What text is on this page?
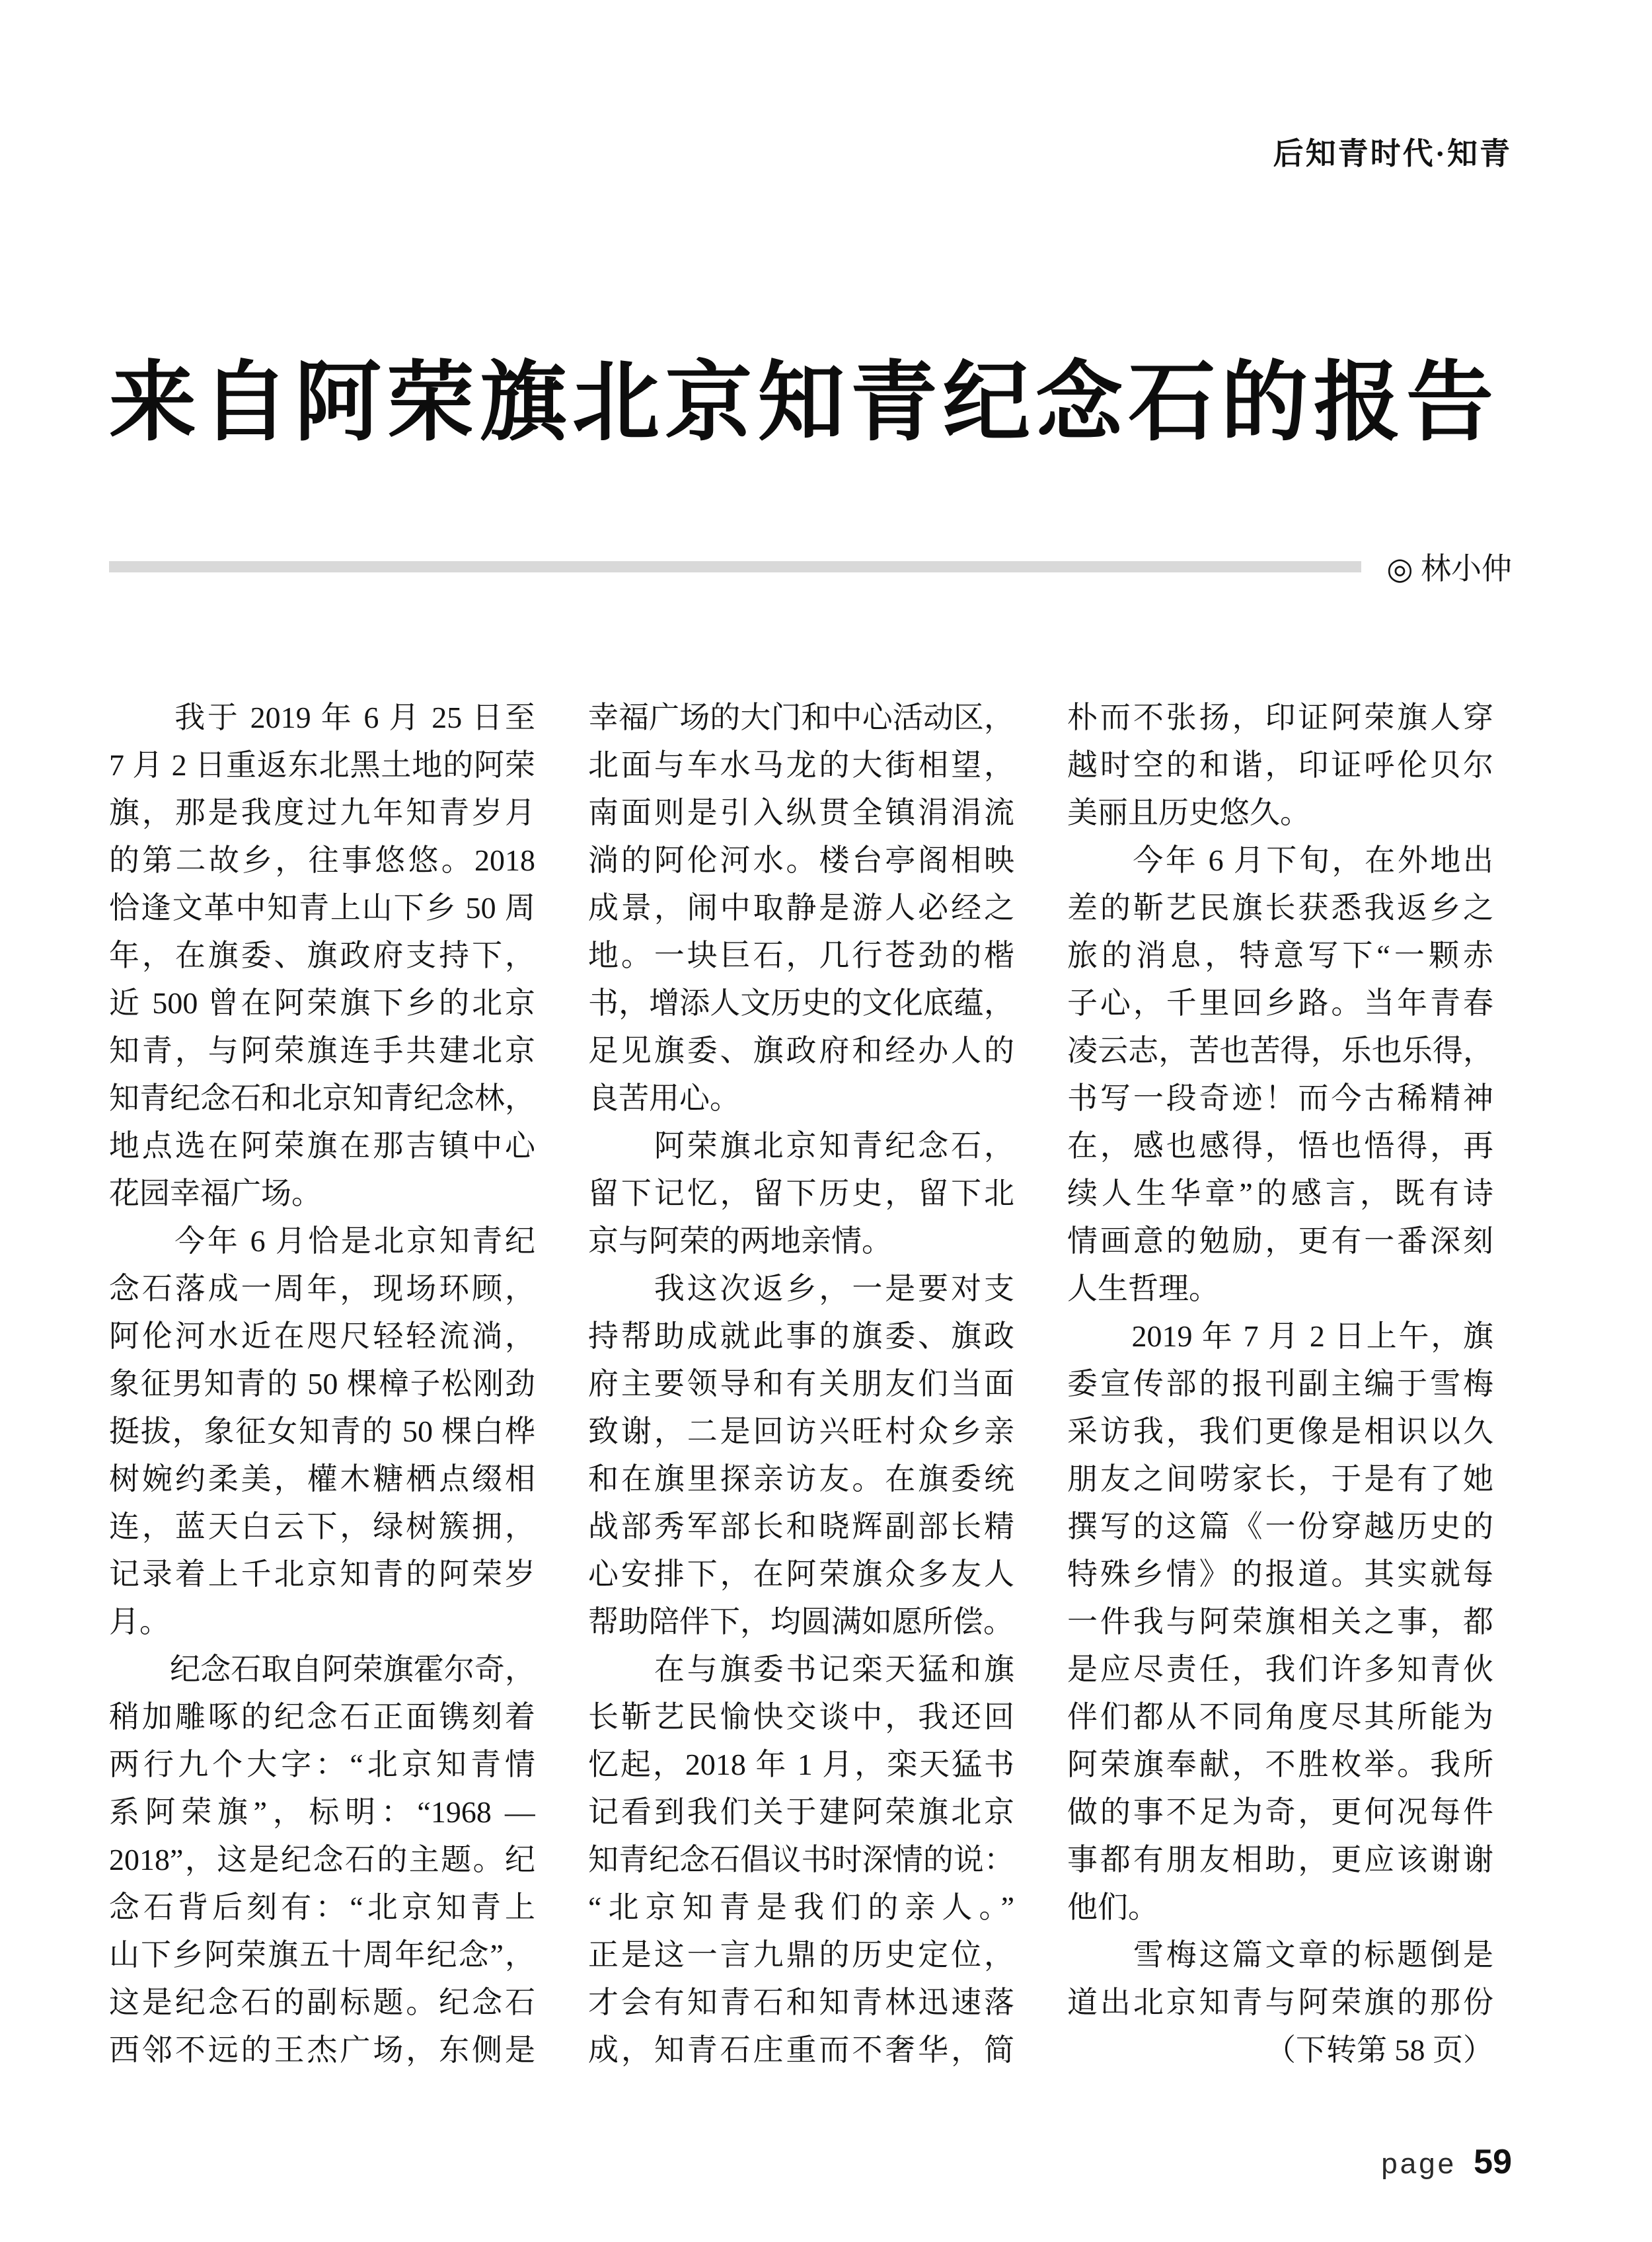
后知青时代·知青
来自阿荣旗北京知青纪念石的报告
◎ 林小仲
　　我于 2019 年 6 月 25 日至
7 月 2 日重返东北黑土地的阿荣
旗，那是我度过九年知青岁月
的第二故乡，往事悠悠。2018
恰逢文革中知青上山下乡 50 周
年，在旗委、旗政府支持下，
近 500 曾在阿荣旗下乡的北京
知青，与阿荣旗连手共建北京
知青纪念石和北京知青纪念林，
地点选在阿荣旗在那吉镇中心
花园幸福广场。
　　今年 6 月恰是北京知青纪
念石落成一周年，现场环顾，
阿伦河水近在咫尺轻轻流淌，
象征男知青的 50 棵樟子松刚劲
挺拔，象征女知青的 50 棵白桦
树婉约柔美，權木糖栖点缀相
连，蓝天白云下，绿树簇拥，
记录着上千北京知青的阿荣岁
月。
　　纪念石取自阿荣旗霍尔奇，
稍加雕啄的纪念石正面镌刻着
两行九个大字：“北京知青情
系阿荣旗”，标明：“1968 —
2018”，这是纪念石的主题。纪
念石背后刻有：“北京知青上
山下乡阿荣旗五十周年纪念”，
这是纪念石的副标题。纪念石
西邻不远的王杰广场，东侧是
幸福广场的大门和中心活动区，
北面与车水马龙的大街相望，
南面则是引入纵贯全镇涓涓流
淌的阿伦河水。楼台亭阁相映
成景，闹中取静是游人必经之
地。一块巨石，几行苍劲的楷
书，增添人文历史的文化底蕴，
足见旗委、旗政府和经办人的
良苦用心。
　　阿荣旗北京知青纪念石，
留下记忆，留下历史，留下北
京与阿荣的两地亲情。
　　我这次返乡，一是要对支
持帮助成就此事的旗委、旗政
府主要领导和有关朋友们当面
致谢，二是回访兴旺村众乡亲
和在旗里探亲访友。在旗委统
战部秀军部长和晓辉副部长精
心安排下，在阿荣旗众多友人
帮助陪伴下，均圆满如愿所偿。
　　在与旗委书记栾天猛和旗
长靳艺民愉快交谈中，我还回
忆起，2018 年 1 月，栾天猛书
记看到我们关于建阿荣旗北京
知青纪念石倡议书时深情的说：
“北京知青是我们的亲人。”
正是这一言九鼎的历史定位，
才会有知青石和知青林迅速落
成，知青石庄重而不奢华，简
朴而不张扬，印证阿荣旗人穿
越时空的和谐，印证呼伦贝尔
美丽且历史悠久。
　　今年 6 月下旬，在外地出
差的靳艺民旗长获悉我返乡之
旅的消息，特意写下“一颗赤
子心，千里回乡路。当年青春
凌云志，苦也苦得，乐也乐得，
书写一段奇迹！而今古稀精神
在，感也感得，悟也悟得，再
续人生华章”的感言，既有诗
情画意的勉励，更有一番深刻
人生哲理。
　　2019 年 7 月 2 日上午，旗
委宣传部的报刊副主编于雪梅
采访我，我们更像是相识以久
朋友之间唠家长，于是有了她
撰写的这篇《一份穿越历史的
特殊乡情》的报道。其实就每
一件我与阿荣旗相关之事，都
是应尽责任，我们许多知青伙
伴们都从不同角度尽其所能为
阿荣旗奉献，不胜枚举。我所
做的事不足为奇，更何况每件
事都有朋友相助，更应该谢谢
他们。
　　雪梅这篇文章的标题倒是
道出北京知青与阿荣旗的那份
（下转第 58 页）
page 59
